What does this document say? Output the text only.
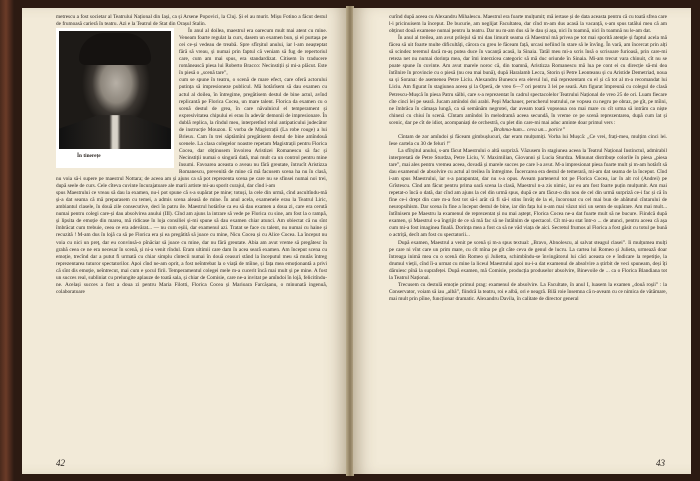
metrescu a fost societar al Teatrului Național din Iași, ca și Arsene Popovici, la Cluj. Și el au murit. Mișu Fotino a făcut destul de frumoasă carieră în teatru. Azi e la Teatrul de Stat din Orașul Stalin.

În tinerețe

În anul al doilea, maestrul era oarecum mult mai atent cu mine. Veneam foarte regulat la curs, dasem un examen bun, și el purtașa pe cei ce-și vedeau de treabă. Spre sfîrșitul anului, iar l-am neașteptat fără să vreau, și numai prin faptul că veniam să fug de repertoriul care, cum am mai spus, era standardizat. Citisem în traducere românească piesa lui Roberto Bracco: Necinstiții și mi-a plăcut. Este în piesă o „scenă tare”,

cum se spune în teatru, o scenă de mare efect, care oferă actorului putința să impresioneze publicul. Mă hotărîsem să dau examen cu actul al doilea, în întregime, pregătisem destul de bine actul, avînd replicantă pe Florica Cocea, un mare talent. Florica da examen cu o scenă destul de grea, în care năvalnicul el temperament și expresivitatea chipului ei erau în adevăr demonii de impresionare. În dublă replica, la rîndul meu, interpretînd rolul antipaticului judecător de instrucție Mouzon. E vorba de Magistrații (La robe rouge) a lui Brieux. Cam în trei săptămîni pregătisem destul de bine amîndouă scenele. La clasa colegelor noastre repetam Magistrații pentru Florica Cocea, dar obținusem învoirea Aristizei Romanescu să fac și Necinstiții numai o singură dată, mai mult ca un control pentru mine însumi. Favoarea aceasta o aveau nu fără greutate, întrucît Aristizza Romanescu, prevenită de mine că mă facusem scena ha nu în clasă, nu voia să-i supere pe maestrul Nottara; de aceea am și ajuns ca să pot reprezenta scena pe care nu se sfinsei numai noi trei, după seele de curs. Cele cîteva cuvinte încurajatoare ale marii artiste mi-au sporit curajul, dar cînd i-am

spus Maestrului ce vreau să dau la examen, nu-i pot spune că s-a supărat pe mine; totuși, la cele din urmă, cînd ascultîndu-mă și-a dat seama că mă preparasem cu temei, a admis scena aleasă de mine. În anul acela, examenele erau la Teatrul Liric, ambiantul clasele, în două zile consecutive, deci în patru ile. Maestrul hotărîse ca eu să dau examen a doua zi, care era cerută numai pentru colegi care-și dau absolvirea anului (III). Cînd am ajuns la intrare să vede pe Florica cu sine, am fost la o rampă, și lipsita de emoție din marea, mă ridicase în loja consiliei și-mi spune să dau examen chiar atunci. Am obiectat că nu sînt îmbrăcat cum trebuie, ceea ce era adevărat... — nu cum eșiii, dar examenul azi. Tratat se face cu talent, nu numai cu haine și recuzită ! M-am dus în lojă ca să pe Florica era și ea pregătită să joace cu mine, Nicu Cocea și cu Alice Cocea. La început nu voia cu nici un preț, dar eu convinsă-o pînăciar să joace cu mine, dar nu fără greutate. Abia am avut vreme să pregătesc în grabă ceea ce ne era necesar în scenă, și ni-a venit rîndul. Eram ultimii care dam în acea seară examen. Am început scena cu emoție, trecînd dar a putut fi urmată cu chiar simplu cîntecii numai în două ceasuri stând la începutul meu să mutăs întreg reprezentarea tuturor spectatorilor. Apoi cînd ne-am oprit, a fost neîntrebat la o viață de mîine, și fața mea emoționantă a privi că sînt dis emoție, neîntrecut, mai cum e șocul firii. Temperamentul colegei mele m-a cucerit încă mai mult și pe mine. A fost un succes real, subliniat cu prelungite aplauze de toată sala, și chiar de Comisie, care ne-a invitat pe amîndoi în lojă, felicitîndu-ne. Același succes a fost a doua zi pentru Maria Filotti, Florica Cocea și Marioara Farcășanu, o minunată ingenuă, colaboratoare

42

curînd după aceea cu Alexandru Mihalescu. Maestrul era foarte mulțumit; mă iertase și de data aceasta pentru că cu toată sfrea care l-i pricinuisem la început. De bucurie, am neglijat Facultatea, dar cînd m-am dus acasă la vacanță, s-am spus tatălui meu că am obținut două examene numai pentru la teatru. Dar nu m-am dus să le dau și așa, nici în toamnă, nici în toamnă nu le-am dat.

În anul al treilea, am avut prilejul să mi dau limurit seama că Maestrul mă privea pe tot mai sporită atenție și faptul acela mă făcea să uit foarte multe dificultăți, cărora cu greu le făceam față, urcasi nefiind în stare să le învîng. În vară, am încercat prin alți să scindez teremul dacă m-aș putea duce în vacanță acasă, la Sinaia. Tatăl meu mi-a scris însă o scrisoare furioasă, prin care-mi reteza net nu numai dorința mea, dar îmi interzicea categoric să mă duc oriunde în Sinaia. Mi-am trecut vara chinuit, cît nu se poate spune în cuvinte. Am avut marele noroc că, din toamnă, Aristizza Romanescu mă lua pe cont ei cu direcție să-mi dea întîlnire în provincie cu o piesă (nu cea mai bună), după Haralamb Lecca, Storin și Petre Leonteanu și cu Aristide Demetriad, noua sa și Sorana: de asemenea Petre Liciu. Alexandru Bunescu era elevul lui, mă reprezentam cu el și că tot al m-a recomandat lui Liciu. Am figurat în stagiunea aceea și la Operă, de vreo 6—7 ori pentru 3 lei pe seară. Am figurat împreună cu colegul de clasă Petrescu-Mușcă în piesa Patru sălbi, care s-a reprezentat în cadrul spectacolelor Teatrului Național de vreo 25 de ori. Luam fiecare cîte cinci lei pe seară. Jucam amîndoi doi arabi. Pepi Machauer, perucherul teatrului, ne vopsea cu negru pe obraz, pe gît, pe mîini, ne îmbrăca în cămașa lungă, ca să semănăm negrotei, dar aveam toată vopseaua cea mai mare cu cît urma să intrăm ca niște chinezi cu chiui în scenă. Cîntam amîndoi în melodramă aceea secundă, în vreme ce pe scenă reprezentarea, după cum lat și scenic, dar pe cît de idiot, acompaniați de orchestră, cu plet din care-mi mai aduc aminte doar primul vers :

„Brahma-hum... ceva un... porice”

Cîntam de zor amîndoi și făceam gimbușlucuri, dar eram mulțumiți. Vorba lui Mușcă: „Ce vrei, frați-meu, mulțim cinci lei. Iese cartela cu 30 de feluri !”

La sfîrșitul anului, s-am făcut Maestrului o altă surpriză. Văzusem în stagiunea aceea la Teatrul Național Instinctul, admirabil interpretată de Petre Sturdza, Petre Liciu, V. Maximilian, Giovanni și Lucia Sturdza. Minunat distribuțe colorile în piesa „piesa tare”, mai ales pentru vremea aceea, dovadă și marele succes pe care l-a avut. M-a impresionat piesa foarte mult și m-am hotărît să dau examenul de absolvire cu actul al treilea în întregime. Încercarea era destul de temerară, mi-am dat seama de la început. Cînd i-am spus Maestrului, iar s-a parapuntat, dar nu s-a opus. Aveam partenerul tot pe Florica Cocea, iar în alt rol (Andrei) pe Grîstescu. Cînd am făcut pentru prima oară scena la clasă, Maestrul n-a zis nimic, iar eu am fost foarte puțin mulțumit. Am mai repetat-o încă o dată, dar cînd am ajuns la cel din urmă spus, după ce am făcut-o din nou de cel din urmă surpriză ce-i fac și că în fine ce-i drept din care m-a fost tot să-i arăt că fi să-i stins învăț de la ei, încoronat cu cel mai bun de abătutul cîntarului de neuropsihism. Dar scena în fine a început destul de bine, iar din fața lui n-am mai văzut nici un semn de supărare. Am mai mult... întîlnisem pe Maestru la examenul de reprezentat și nu mai aștept, Florica Cocea ne-a dat foarte mult să ne bucure. Fiindcă după examen, și Maestrul s-a îngrijit de ce să mă fac să ne întâlnim de spectacol. Cît mi-au stat într-o ... de atunci, pentru aceea că așa cum mi-a fost imaginea finală. Dorința mea a fost ca să ne văd viața de aici. Secretul frumos al Florica a fost găsit cu totul pe bună o actriță, decît am fost cu spectatorii...

După examen, Maestrul a venit pe scenă și m-a spus textual: „Bravo, Abnolescu, al salvat steagul clasei”. Ii mulțumea mulți pe care ni vînt care un prim mare, cu cît mîna pe gît căte ceva de genul de lucru. La cartea lui Romeo și Julieta, urmează doar întreaga inimă mea cu o scenă din Romeo și Julietta, schimbîndu-se învingătorul lui căci aceasta ce e îndicare la repetiție, la drumul vieții, cînd îi-a urmat cu mine la liceul Maestrului apoi nu-i-a dat examenul de absolvire a știrbit de veci spuneam, deși îți dăruiesc pînă la suprafeței. După examen, mă Comisie, producția produselor absolvire, Binevoile de ... ca o Florica Blandiana tot la Teatrul Național.

Trecusem cu destulă emoție primul prag: examenul de absolvire. La Facultate, în anul I, luasem la examen „două roșii” : la Conservator, voiam să iau „albă”, fiindcă la teatru, roi e albă, ori e neagră. Bilă roie însemna că n-aveam cu ce nimica de vătămare, mai mult prin pîine, funcționar dramatic. Alexandru Davila, în calitate de director general

43
